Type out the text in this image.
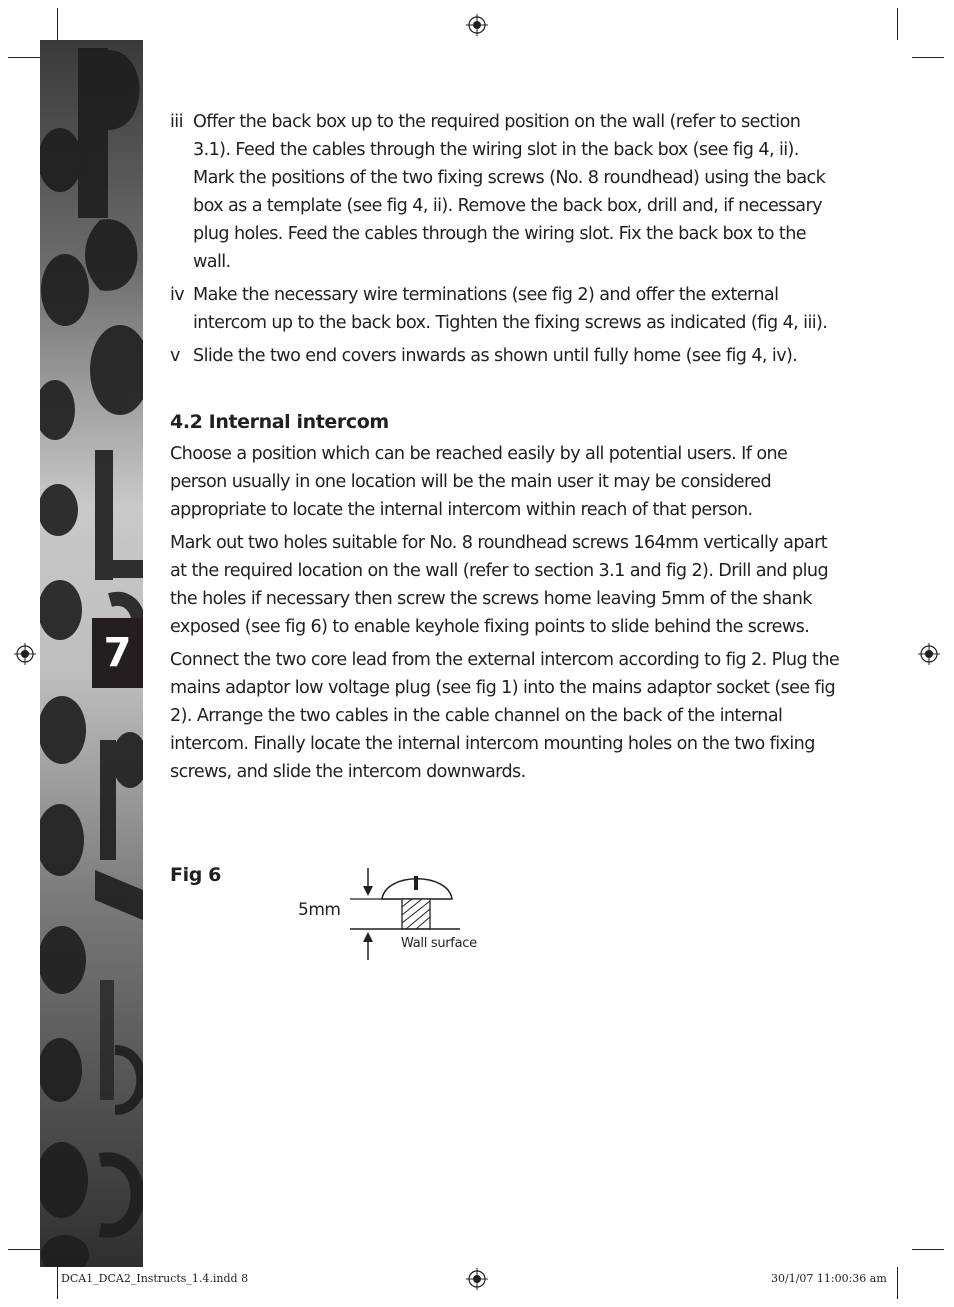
7
iii Offer the back box up to the required position on the wall (refer to section 3.1). Feed the cables through the wiring slot in the back box (see fig 4, ii). Mark the positions of the two fixing screws (No. 8 roundhead) using the back box as a template (see fig 4, ii). Remove the back box, drill and, if necessary plug holes. Feed the cables through the wiring slot. Fix the back box to the wall.
iv Make the necessary wire terminations (see fig 2) and offer the external intercom up to the back box. Tighten the fixing screws as indicated (fig 4, iii).
v Slide the two end covers inwards as shown until fully home (see fig 4, iv).
4.2 Internal intercom

Choose a position which can be reached easily by all potential users. If one person usually in one location will be the main user it may be considered appropriate to locate the internal intercom within reach of that person.

Mark out two holes suitable for No. 8 roundhead screws 164mm vertically apart at the required location on the wall (refer to section 3.1 and fig 2). Drill and plug the holes if necessary then screw the screws home leaving 5mm of the shank exposed (see fig 6) to enable keyhole fixing points to slide behind the screws.

Connect the two core lead from the external intercom according to fig 2. Plug the mains adaptor low voltage plug (see fig 1) into the mains adaptor socket (see fig 2). Arrange the two cables in the cable channel on the back of the internal intercom. Finally locate the internal intercom mounting holes on the two fixing screws, and slide the intercom downwards.

Fig 6
5mm
Wall surface
DCA1_DCA2_Instructs_1.4.indd 8	30/1/07 11:00:36 am
